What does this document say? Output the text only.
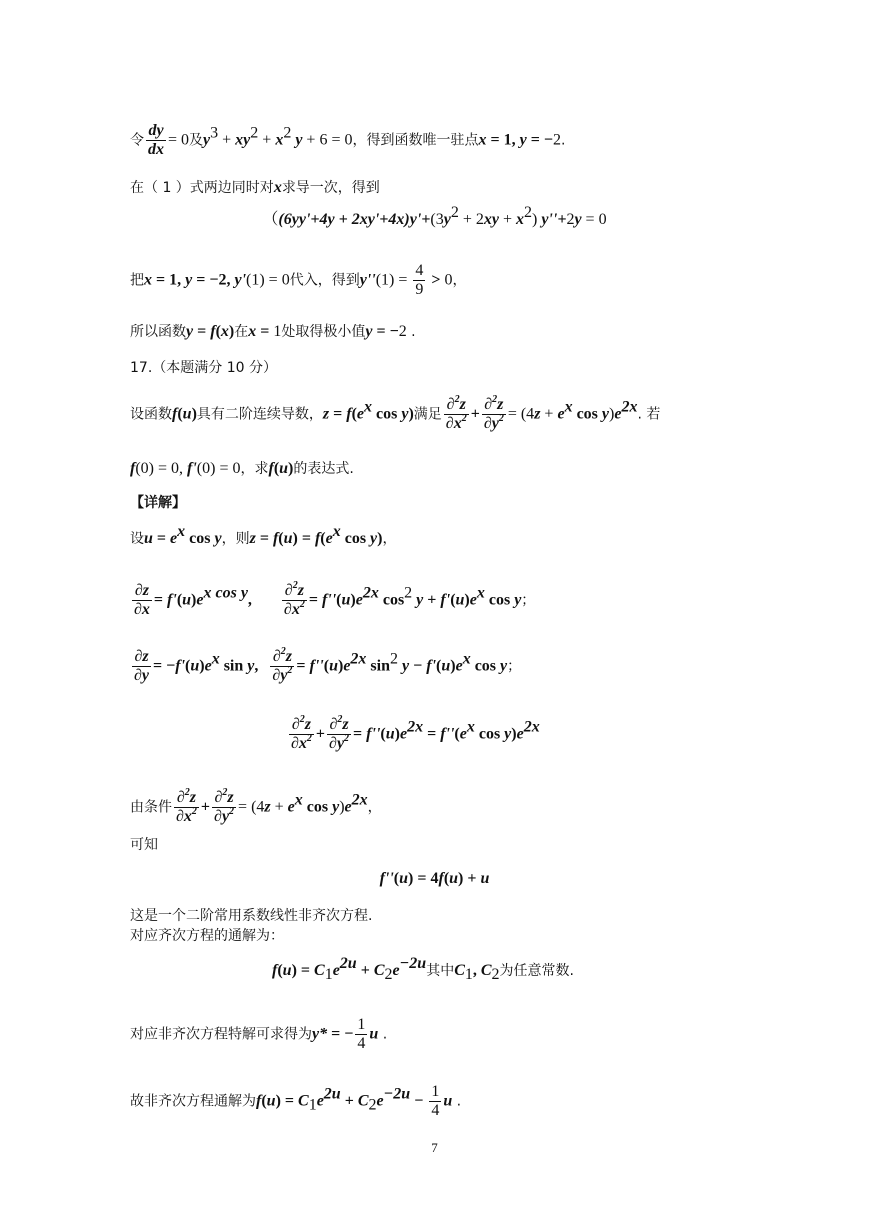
令 $\frac{dy}{dx} = 0$及$y^3 + xy^2 + x^2$ y + 6 = 0，得到函数唯一驻点x = 1, y = −2.
在（ 1 ）式两边同时对x求导一次，得到
（$(6yy'+4y + 2xy'+4x)y'+(3y^2 + 2xy + x^2)$ y''+2y = 0
把x = 1, y = −2, y'(1) = 0代入，得到$y''(1) = \frac{4}{9} > 0$，
所以函数y = f(x)在x = 1处取得极小值y = −2 .
17.（本题满分 10 分）
设函数f(u)具有二阶连续导数，$z = f(e^x$ cos y)满足 $\frac{\partial^2z}{\partial x^2} + \frac{\partial^2z}{\partial y^2} = (4z + e^x$ $\cos y)e^{2x}$. 若
f(0) = 0, f'(0) = 0，求f(u)的表达式.
【详解】
设$u = e^x$ cos y，则$z = f(u) = f(e^x$ cos y)，
$\frac{\partial z}{\partial x} = f'(u)e^{x cos y}$, $\frac{\partial^2z}{\partial x^2} = f''(u)e^{2x}$ $\cos^2 y + f'(u)e^x$ cos y；
$\frac{\partial z}{\partial y} = -f'(u)e^x$ sin y, $\frac{\partial^2z}{\partial y^2} = f''(u)e^{2x}$ $\sin^2 y - f'(u)e^x$ cos y；
$\frac{\partial^2z}{\partial x^2} + \frac{\partial^2z}{\partial y^2} = f''(u)e^{2x} = f''(e^x$ $\cos y)e^{2x}$
由条件 $\frac{\partial^2z}{\partial x^2} + \frac{\partial^2z}{\partial y^2} = (4z + e^x$ $\cos y)e^{2x}$，
可知
f''(u) = 4f(u) + u
这是一个二阶常用系数线性非齐次方程.
对应齐次方程的通解为：
$f(u) = C_1e^{2u} + C_2e^{-2u}$其中$C_1$, $C_2$为任意常数.
对应非齐次方程特解可求得为y* = − $\frac{1}{4}$ u .
故非齐次方程通解为$f(u) = C_1e^{2u} + C_2e^{-2u} - \frac{1}{4}$ u .
7
